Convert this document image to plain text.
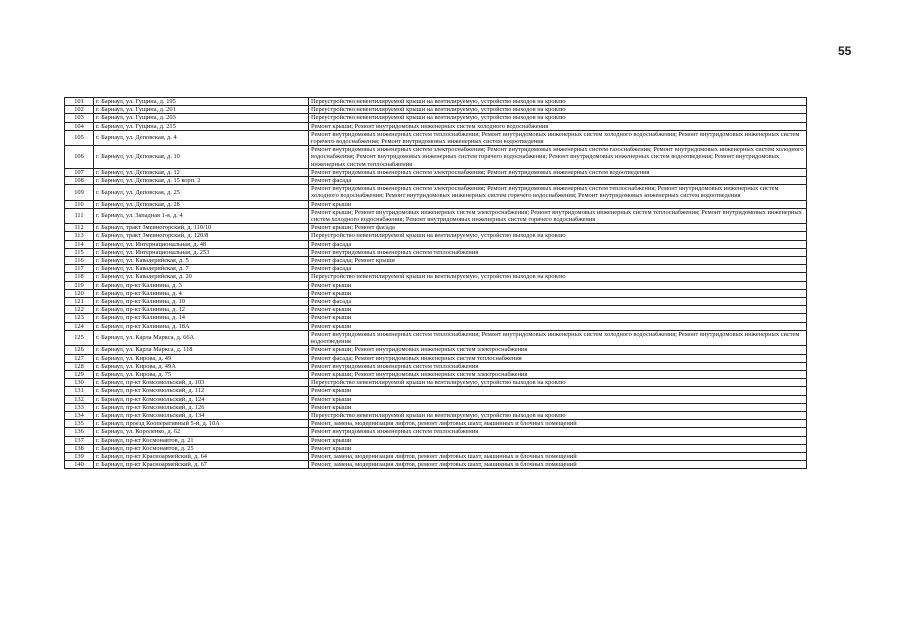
55
101	г. Барнаул, ул. Гущина, д. 195	Переустройство невентилируемой крыши на вентилируемую, устройство выходов на кровлю
102	г. Барнаул, ул. Гущина, д. 201	Переустройство невентилируемой крыши на вентилируемую, устройство выходов на кровлю
103	г. Барнаул, ул. Гущина, д. 203	Переустройство невентилируемой крыши на вентилируемую, устройство выходов на кровлю
104	г. Барнаул, ул. Гущина, д. 215	Ремонт крыши; Ремонт внутридомовых инженерных систем холодного водоснабжения
105	г. Барнаул, ул. Деповская, д. 4	Ремонт внутридомовых инженерных систем теплоснабжения; Ремонт внутридомовых инженерных систем холодного водоснабжения; Ремонт внутридомовых инженерных систем горячего водоснабжения; Ремонт внутридомовых инженерных систем водоотведения
106	г. Барнаул, ул. Деповская, д. 10	Ремонт внутридомовых инженерных систем электроснабжения; Ремонт внутридомовых инженерных систем газоснабжения; Ремонт внутридомовых инженерных систем холодного водоснабжения; Ремонт внутридомовых инженерных систем горячего водоснабжения; Ремонт внутридомовых инженерных систем водоотведения; Ремонт внутридомовых инженерных систем теплоснабжения
107	г. Барнаул, ул. Деповская, д. 12	Ремонт внутридомовых инженерных систем электроснабжения; Ремонт внутридомовых инженерных систем водоотведения
108	г. Барнаул, ул. Деповская, д. 15 корп. 2	Ремонт фасада
109	г. Барнаул, ул. Деповская, д. 25	Ремонт внутридомовых инженерных систем электроснабжения; Ремонт внутридомовых инженерных систем теплоснабжения; Ремонт внутридомовых инженерных систем холодного водоснабжения; Ремонт внутридомовых инженерных систем горячего водоснабжения; Ремонт внутридомовых инженерных систем водоотведения
110	г. Барнаул, ул. Деповская, д. 28	Ремонт крыши
111	г. Барнаул, ул. Западная 1-я, д. 4	Ремонт крыши; Ремонт внутридомовых инженерных систем электроснабжения; Ремонт внутридомовых инженерных систем теплоснабжения; Ремонт внутридомовых инженерных систем холодного водоснабжения; Ремонт внутридомовых инженерных систем горячего водоснабжения
112	г. Барнаул, тракт Змеиногорский, д. 110/10	Ремонт крыши; Ремонт фасада
113	г. Барнаул, тракт Змеиногорский, д. 120/8	Переустройство невентилируемой крыши на вентилируемую, устройство выходов на кровлю
114	г. Барнаул, ул. Интернациональная, д. 48	Ремонт фасада
115	г. Барнаул, ул. Интернациональная, д. 253	Ремонт внутридомовых инженерных систем теплоснабжения
116	г. Барнаул, ул. Кавалерийская, д. 5	Ремонт фасада; Ремонт крыши
117	г. Барнаул, ул. Кавалерийская, д. 7	Ремонт фасада
118	г. Барнаул, ул. Кавалерийская, д. 20	Переустройство невентилируемой крыши на вентилируемую, устройство выходов на кровлю
119	г. Барнаул, пр-кт Калинина, д. 3	Ремонт крыши
120	г. Барнаул, пр-кт Калинина, д. 4	Ремонт крыши
121	г. Барнаул, пр-кт Калинина, д. 10	Ремонт фасада
122	г. Барнаул, пр-кт Калинина, д. 12	Ремонт крыши
123	г. Барнаул, пр-кт Калинина, д. 14	Ремонт крыши
124	г. Барнаул, пр-кт Калинина, д. 18А	Ремонт крыши
125	г. Барнаул, ул. Карла Маркса, д. 66А	Ремонт внутридомовых инженерных систем теплоснабжения; Ремонт внутридомовых инженерных систем холодного водоснабжения; Ремонт внутридомовых инженерных систем водоотведения
126	г. Барнаул, ул. Карла Маркса, д. 118	Ремонт крыши; Ремонт внутридомовых инженерных систем электроснабжения
127	г. Барнаул, ул. Кирова, д. 49	Ремонт фасада; Ремонт внутридомовых инженерных систем теплоснабжения
128	г. Барнаул, ул. Кирова, д. 49А	Ремонт внутридомовых инженерных систем теплоснабжения
129	г. Барнаул, ул. Кирова, д. 75	Ремонт крыши; Ремонт внутридомовых инженерных систем электроснабжения
130	г. Барнаул, пр-кт Комсомольский, д. 103	Переустройство невентилируемой крыши на вентилируемую, устройство выходов на кровлю
131	г. Барнаул, пр-кт Комсомольский, д. 112	Ремонт крыши
132	г. Барнаул, пр-кт Комсомольский, д. 124	Ремонт крыши
133	г. Барнаул, пр-кт Комсомольский, д. 126	Ремонт крыши
134	г. Барнаул, пр-кт Комсомольский, д. 134	Переустройство невентилируемой крыши на вентилируемую, устройство выходов на кровлю
135	г. Барнаул, проезд Кооперативный 5-й, д. 10А	Ремонт, замена, модернизация лифтов, ремонт лифтовых шахт, машинных и блочных помещений
136	г. Барнаул, ул. Короленко, д. 62	Ремонт внутридомовых инженерных систем теплоснабжения
137	г. Барнаул, пр-кт Космонавтов, д. 21	Ремонт крыши
138	г. Барнаул, пр-кт Космонавтов, д. 25	Ремонт крыши
139	г. Барнаул, пр-кт Красноармейский, д. 64	Ремонт, замена, модернизация лифтов, ремонт лифтовых шахт, машинных и блочных помещений
140	г. Барнаул, пр-кт Красноармейский, д. 67	Ремонт, замена, модернизация лифтов, ремонт лифтовых шахт, машинных и блочных помещений
